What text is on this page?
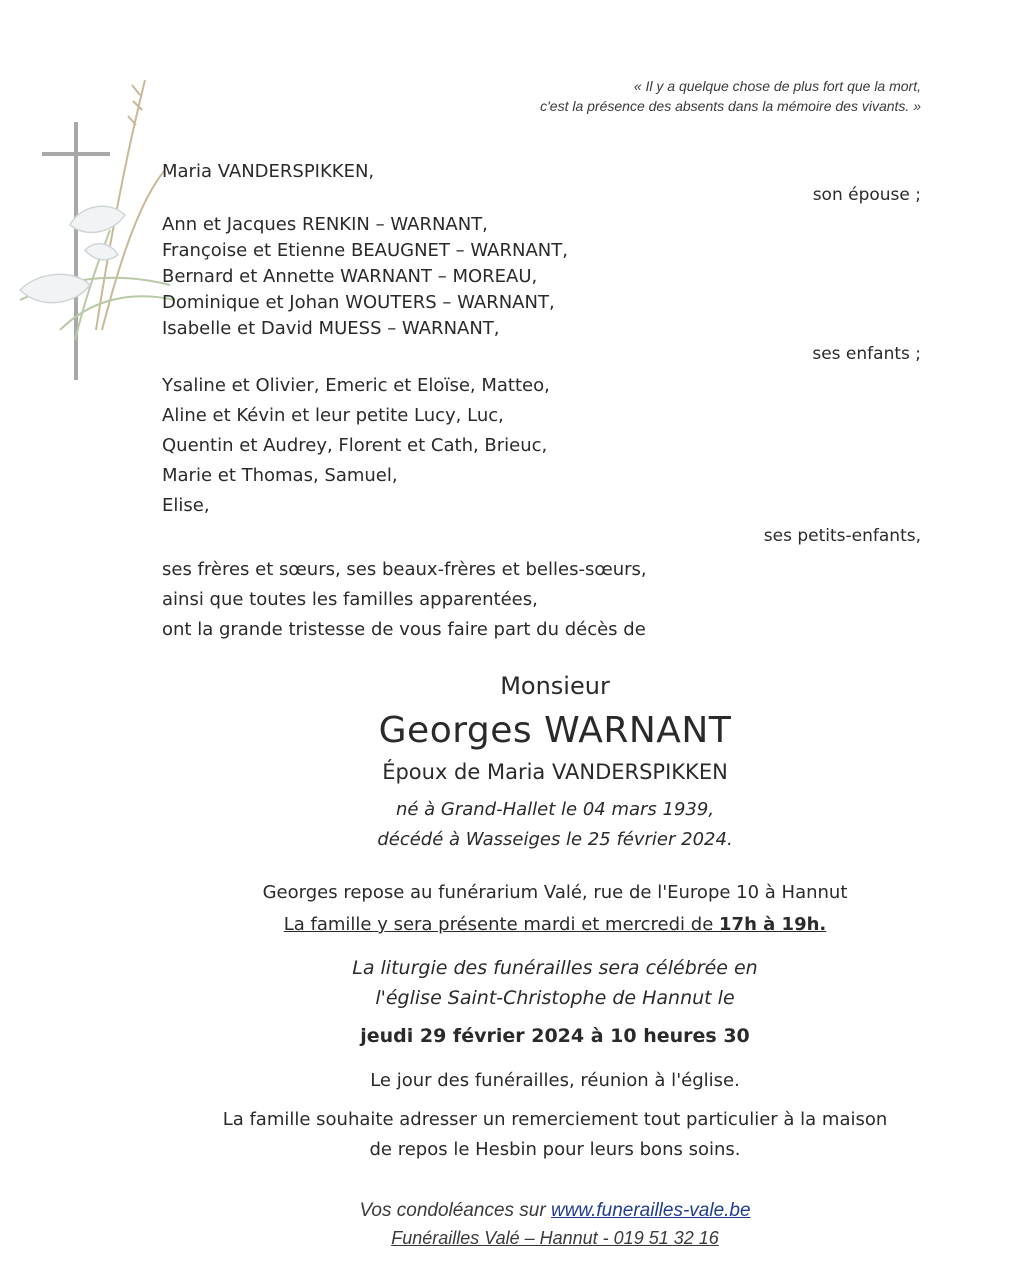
« Il y a quelque chose de plus fort que la mort,
c'est la présence des absents dans la mémoire des vivants. »
Maria VANDERSPIKKEN,
son épouse ;
Ann et Jacques RENKIN – WARNANT,
Françoise et Etienne BEAUGNET – WARNANT,
Bernard et Annette WARNANT – MOREAU,
Dominique et Johan WOUTERS – WARNANT,
Isabelle et David MUESS – WARNANT,
ses enfants ;
Ysaline et Olivier, Emeric et Eloïse, Matteo,
Aline et Kévin et leur petite Lucy, Luc,
Quentin et Audrey, Florent et Cath, Brieuc,
Marie et Thomas, Samuel,
Elise,
ses petits-enfants,
ses frères et sœurs, ses beaux-frères et belles-sœurs,
ainsi que toutes les familles apparentées,
ont la grande tristesse de vous faire part du décès de
Monsieur
Georges WARNANT
Époux de Maria VANDERSPIKKEN
né à Grand-Hallet le 04 mars 1939,
décédé à Wasseiges le 25 février 2024.
Georges repose au funérarium Valé, rue de l'Europe 10 à Hannut
La famille y sera présente mardi et mercredi de 17h à 19h.
La liturgie des funérailles sera célébrée en
l'église Saint-Christophe de Hannut le
jeudi 29 février 2024 à 10 heures 30
Le jour des funérailles, réunion à l'église.
La famille souhaite adresser un remerciement tout particulier à la maison
de repos le Hesbin pour leurs bons soins.
Vos condoléances sur www.funerailles-vale.be
Funérailles Valé – Hannut - 019 51 32 16
